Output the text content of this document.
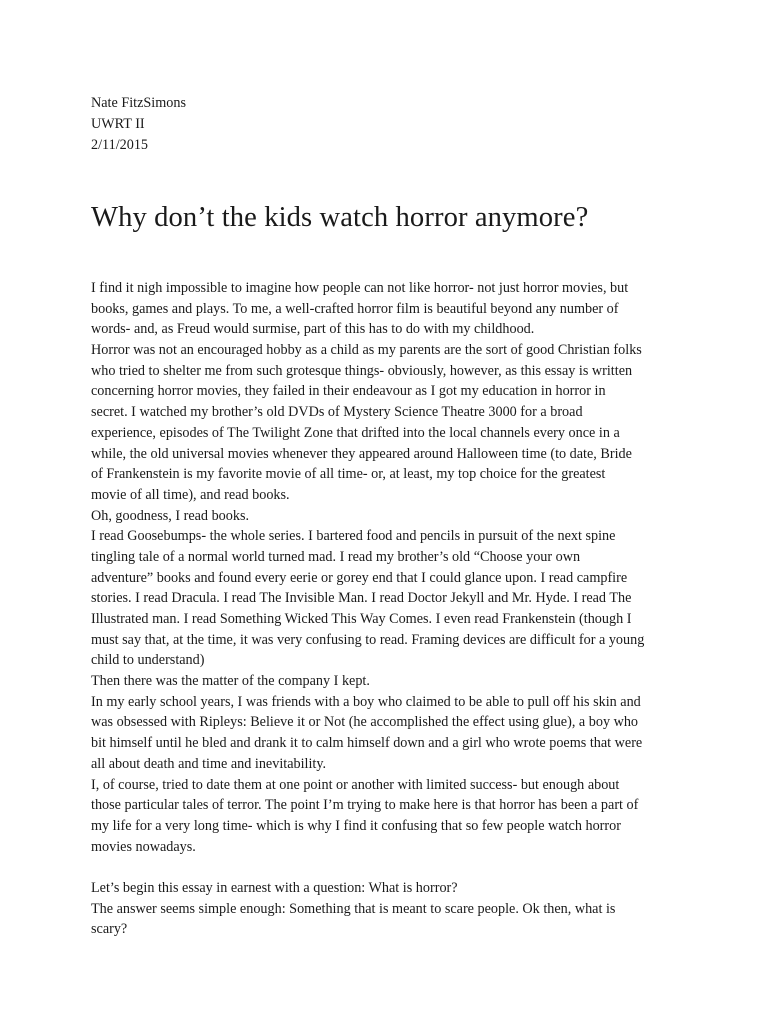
Nate FitzSimons
UWRT II
2/11/2015
Why don’t the kids watch horror anymore?
I find it nigh impossible to imagine how people can not like horror- not just horror movies, but
books, games and plays. To me, a well-crafted horror film is beautiful beyond any number of
words- and, as Freud would surmise, part of this has to do with my childhood.
Horror was not an encouraged hobby as a child as my parents are the sort of good Christian folks
who tried to shelter me from such grotesque things- obviously, however, as this essay is written
concerning horror movies, they failed in their endeavour as I got my education in horror in
secret. I watched my brother’s old DVDs of Mystery Science Theatre 3000 for a broad
experience, episodes of The Twilight Zone that drifted into the local channels every once in a
while, the old universal movies whenever they appeared around Halloween time (to date, Bride
of Frankenstein is my favorite movie of all time- or, at least, my top choice for the greatest
movie of all time), and read books.
Oh, goodness, I read books.
I read Goosebumps- the whole series. I bartered food and pencils in pursuit of the next spine
tingling tale of a normal world turned mad. I read my brother’s old “Choose your own
adventure” books and found every eerie or gorey end that I could glance upon. I read campfire
stories. I read Dracula. I read The Invisible Man. I read Doctor Jekyll and Mr. Hyde. I read The
Illustrated man. I read Something Wicked This Way Comes. I even read Frankenstein (though I
must say that, at the time, it was very confusing to read. Framing devices are difficult for a young
child to understand)
Then there was the matter of the company I kept.
In my early school years, I was friends with a boy who claimed to be able to pull off his skin and
was obsessed with Ripleys: Believe it or Not (he accomplished the effect using glue), a boy who
bit himself until he bled and drank it to calm himself down and a girl who wrote poems that were
all about death and time and inevitability.
I, of course, tried to date them at one point or another with limited success- but enough about
those particular tales of terror. The point I’m trying to make here is that horror has been a part of
my life for a very long time- which is why I find it confusing that so few people watch horror
movies nowadays.
Let’s begin this essay in earnest with a question: What is horror?
The answer seems simple enough: Something that is meant to scare people. Ok then, what is
scary?
